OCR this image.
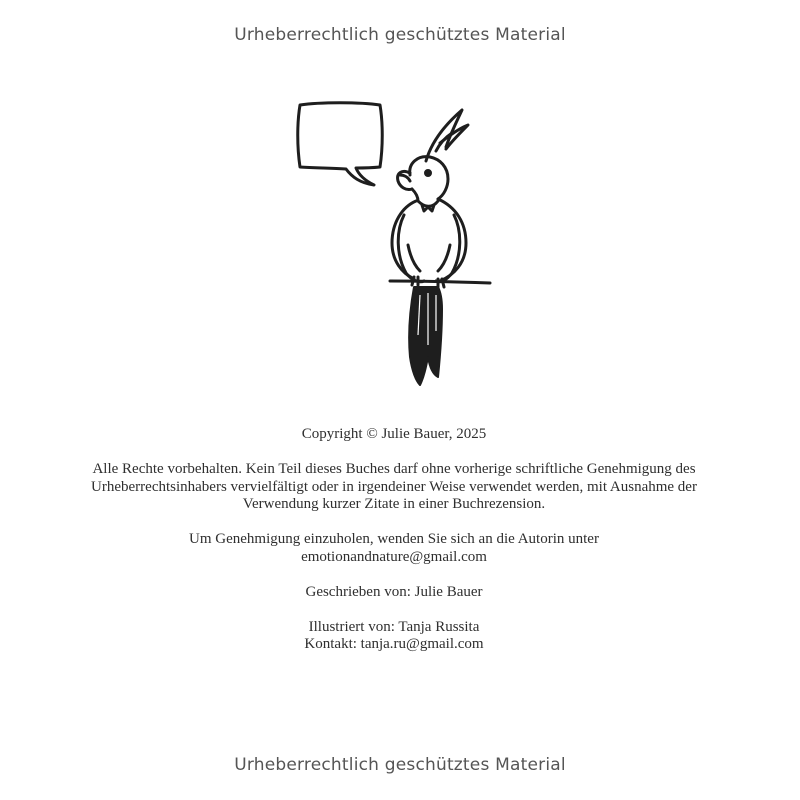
Urheberrechtlich geschütztes Material

Copyright © Julie Bauer, 2025

Alle Rechte vorbehalten. Kein Teil dieses Buches darf ohne vorherige schriftliche Genehmigung des
Urheberrechtsinhabers vervielfältigt oder in irgendeiner Weise verwendet werden, mit Ausnahme der
Verwendung kurzer Zitate in einer Buchrezension.

Um Genehmigung einzuholen, wenden Sie sich an die Autorin unter
emotionandnature@gmail.com

Geschrieben von: Julie Bauer

Illustriert von: Tanja Russita
Kontakt: tanja.ru@gmail.com

Urheberrechtlich geschütztes Material
